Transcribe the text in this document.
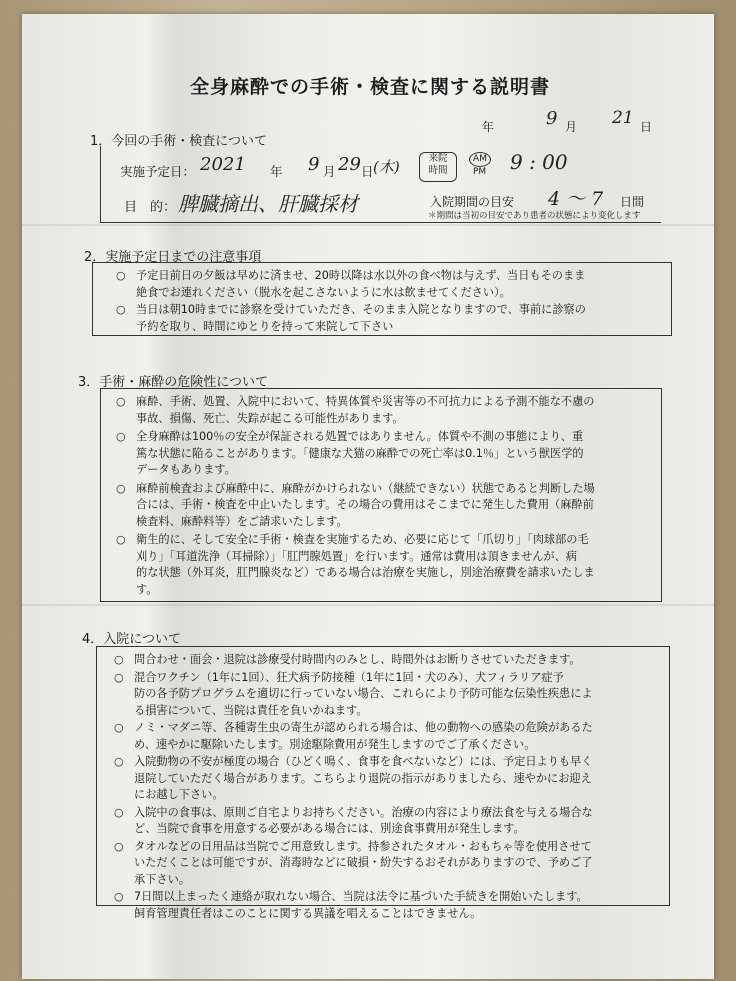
全身麻酔での手術・検査に関する説明書
年	9 月 21 日
1．今回の手術・検査について
実施予定日： 2021 年 9 月 29 日 (木)	来院
時間
AM
PM 9 : 00
目　的： 脾臓摘出、肝臓採材	入院期間の目安 4 ～ 7 日間
＊期間は当初の目安であり患者の状態により変化します
2．実施予定日までの注意事項
○ 予定日前日の夕飯は早めに済ませ、20時以降は水以外の食べ物は与えず、当日もそのまま
絶食でお連れください（脱水を起こさないように水は飲ませてください）。
○ 当日は朝10時までに診察を受けていただき、そのまま入院となりますので、事前に診察の
予約を取り、時間にゆとりを持って来院して下さい
3．手術・麻酔の危険性について
○ 麻酔、手術、処置、入院中において、特異体質や災害等の不可抗力による予測不能な不慮の
事故、損傷、死亡、失踪が起こる可能性があります。
○ 全身麻酔は100％の安全が保証される処置ではありません。体質や不測の事態により、重
篤な状態に陥ることがあります。「健康な犬猫の麻酔での死亡率は0.1％」という獣医学的
データもあります。
○ 麻酔前検査および麻酔中に、麻酔がかけられない（継続できない）状態であると判断した場
合には、手術・検査を中止いたします。その場合の費用はそこまでに発生した費用（麻酔前
検査料、麻酔料等）をご請求いたします。
○ 衛生的に、そして安全に手術・検査を実施するため、必要に応じて「爪切り」「肉球部の毛
刈り」「耳道洗浄（耳掃除）」「肛門腺処置」を行います。通常は費用は頂きませんが、病
的な状態（外耳炎，肛門腺炎など）である場合は治療を実施し，別途治療費を請求いたしま
す。
4．入院について
○ 問合わせ・面会・退院は診療受付時間内のみとし、時間外はお断りさせていただきます。
○ 混合ワクチン（1年に1回）、狂犬病予防接種（1年に1回・犬のみ）、犬フィラリア症予
防の各予防プログラムを適切に行っていない場合、これらにより予防可能な伝染性疾患によ
る損害について、当院は責任を負いかねます。
○ ノミ・マダニ等、各種寄生虫の寄生が認められる場合は、他の動物への感染の危険があるた
め、速やかに駆除いたします。別途駆除費用が発生しますのでご了承ください。
○ 入院動物の不安が極度の場合（ひどく鳴く、食事を食べないなど）には、予定日よりも早く
退院していただく場合があります。こちらより退院の指示がありましたら、速やかにお迎え
にお越し下さい。
○ 入院中の食事は、原則ご自宅よりお持ちください。治療の内容により療法食を与える場合な
ど、当院で食事を用意する必要がある場合には、別途食事費用が発生します。
○ タオルなどの日用品は当院でご用意致します。持参されたタオル・おもちゃ等を使用させて
いただくことは可能ですが、消毒時などに破損・紛失するおそれがありますので、予めご了
承下さい。
○ 7日間以上まったく連絡が取れない場合、当院は法令に基づいた手続きを開始いたします。
飼育管理責任者はこのことに関する異議を唱えることはできません。
